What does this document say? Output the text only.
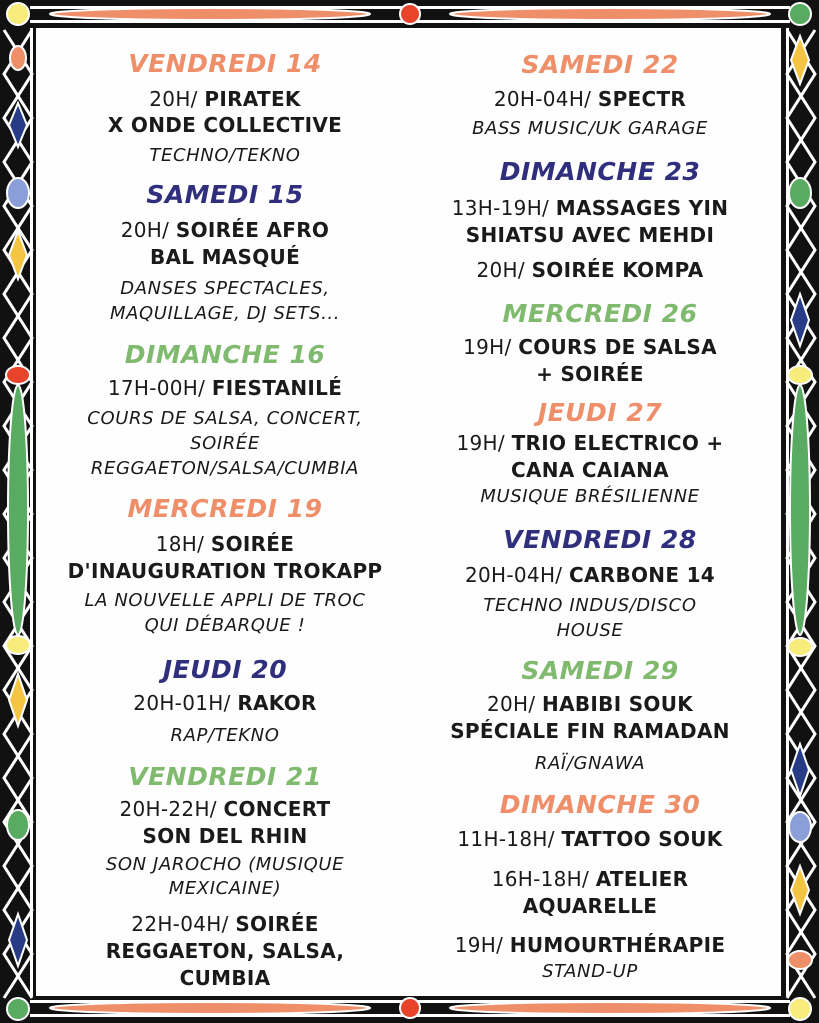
VENDREDI 14
20H/ PIRATEK
X ONDE COLLECTIVE
TECHNO/TEKNO
SAMEDI 15
20H/ SOIRÉE AFRO
BAL MASQUÉ
DANSES SPECTACLES,
MAQUILLAGE, DJ SETS...
DIMANCHE 16
17H-00H/ FIESTANILÉ
COURS DE SALSA, CONCERT,
SOIRÉE
REGGAETON/SALSA/CUMBIA
MERCREDI 19
18H/ SOIRÉE
D'INAUGURATION TROKAPP
LA NOUVELLE APPLI DE TROC
QUI DÉBARQUE !
JEUDI 20
20H-01H/ RAKOR
RAP/TEKNO
VENDREDI 21
20H-22H/ CONCERT
SON DEL RHIN
SON JAROCHO (MUSIQUE
MEXICAINE)
22H-04H/ SOIRÉE
REGGAETON, SALSA,
CUMBIA
SAMEDI 22
20H-04H/ SPECTR
BASS MUSIC/UK GARAGE
DIMANCHE 23
13H-19H/ MASSAGES YIN
SHIATSU AVEC MEHDI
20H/ SOIRÉE KOMPA
MERCREDI 26
19H/ COURS DE SALSA
+ SOIRÉE
JEUDI 27
19H/ TRIO ELECTRICO +
CANA CAIANA
MUSIQUE BRÉSILIENNE
VENDREDI 28
20H-04H/ CARBONE 14
TECHNO INDUS/DISCO
HOUSE
SAMEDI 29
20H/ HABIBI SOUK
SPÉCIALE FIN RAMADAN
RAÏ/GNAWA
DIMANCHE 30
11H-18H/ TATTOO SOUK
16H-18H/ ATELIER
AQUARELLE
19H/ HUMOURTHÉRAPIE
STAND-UP
